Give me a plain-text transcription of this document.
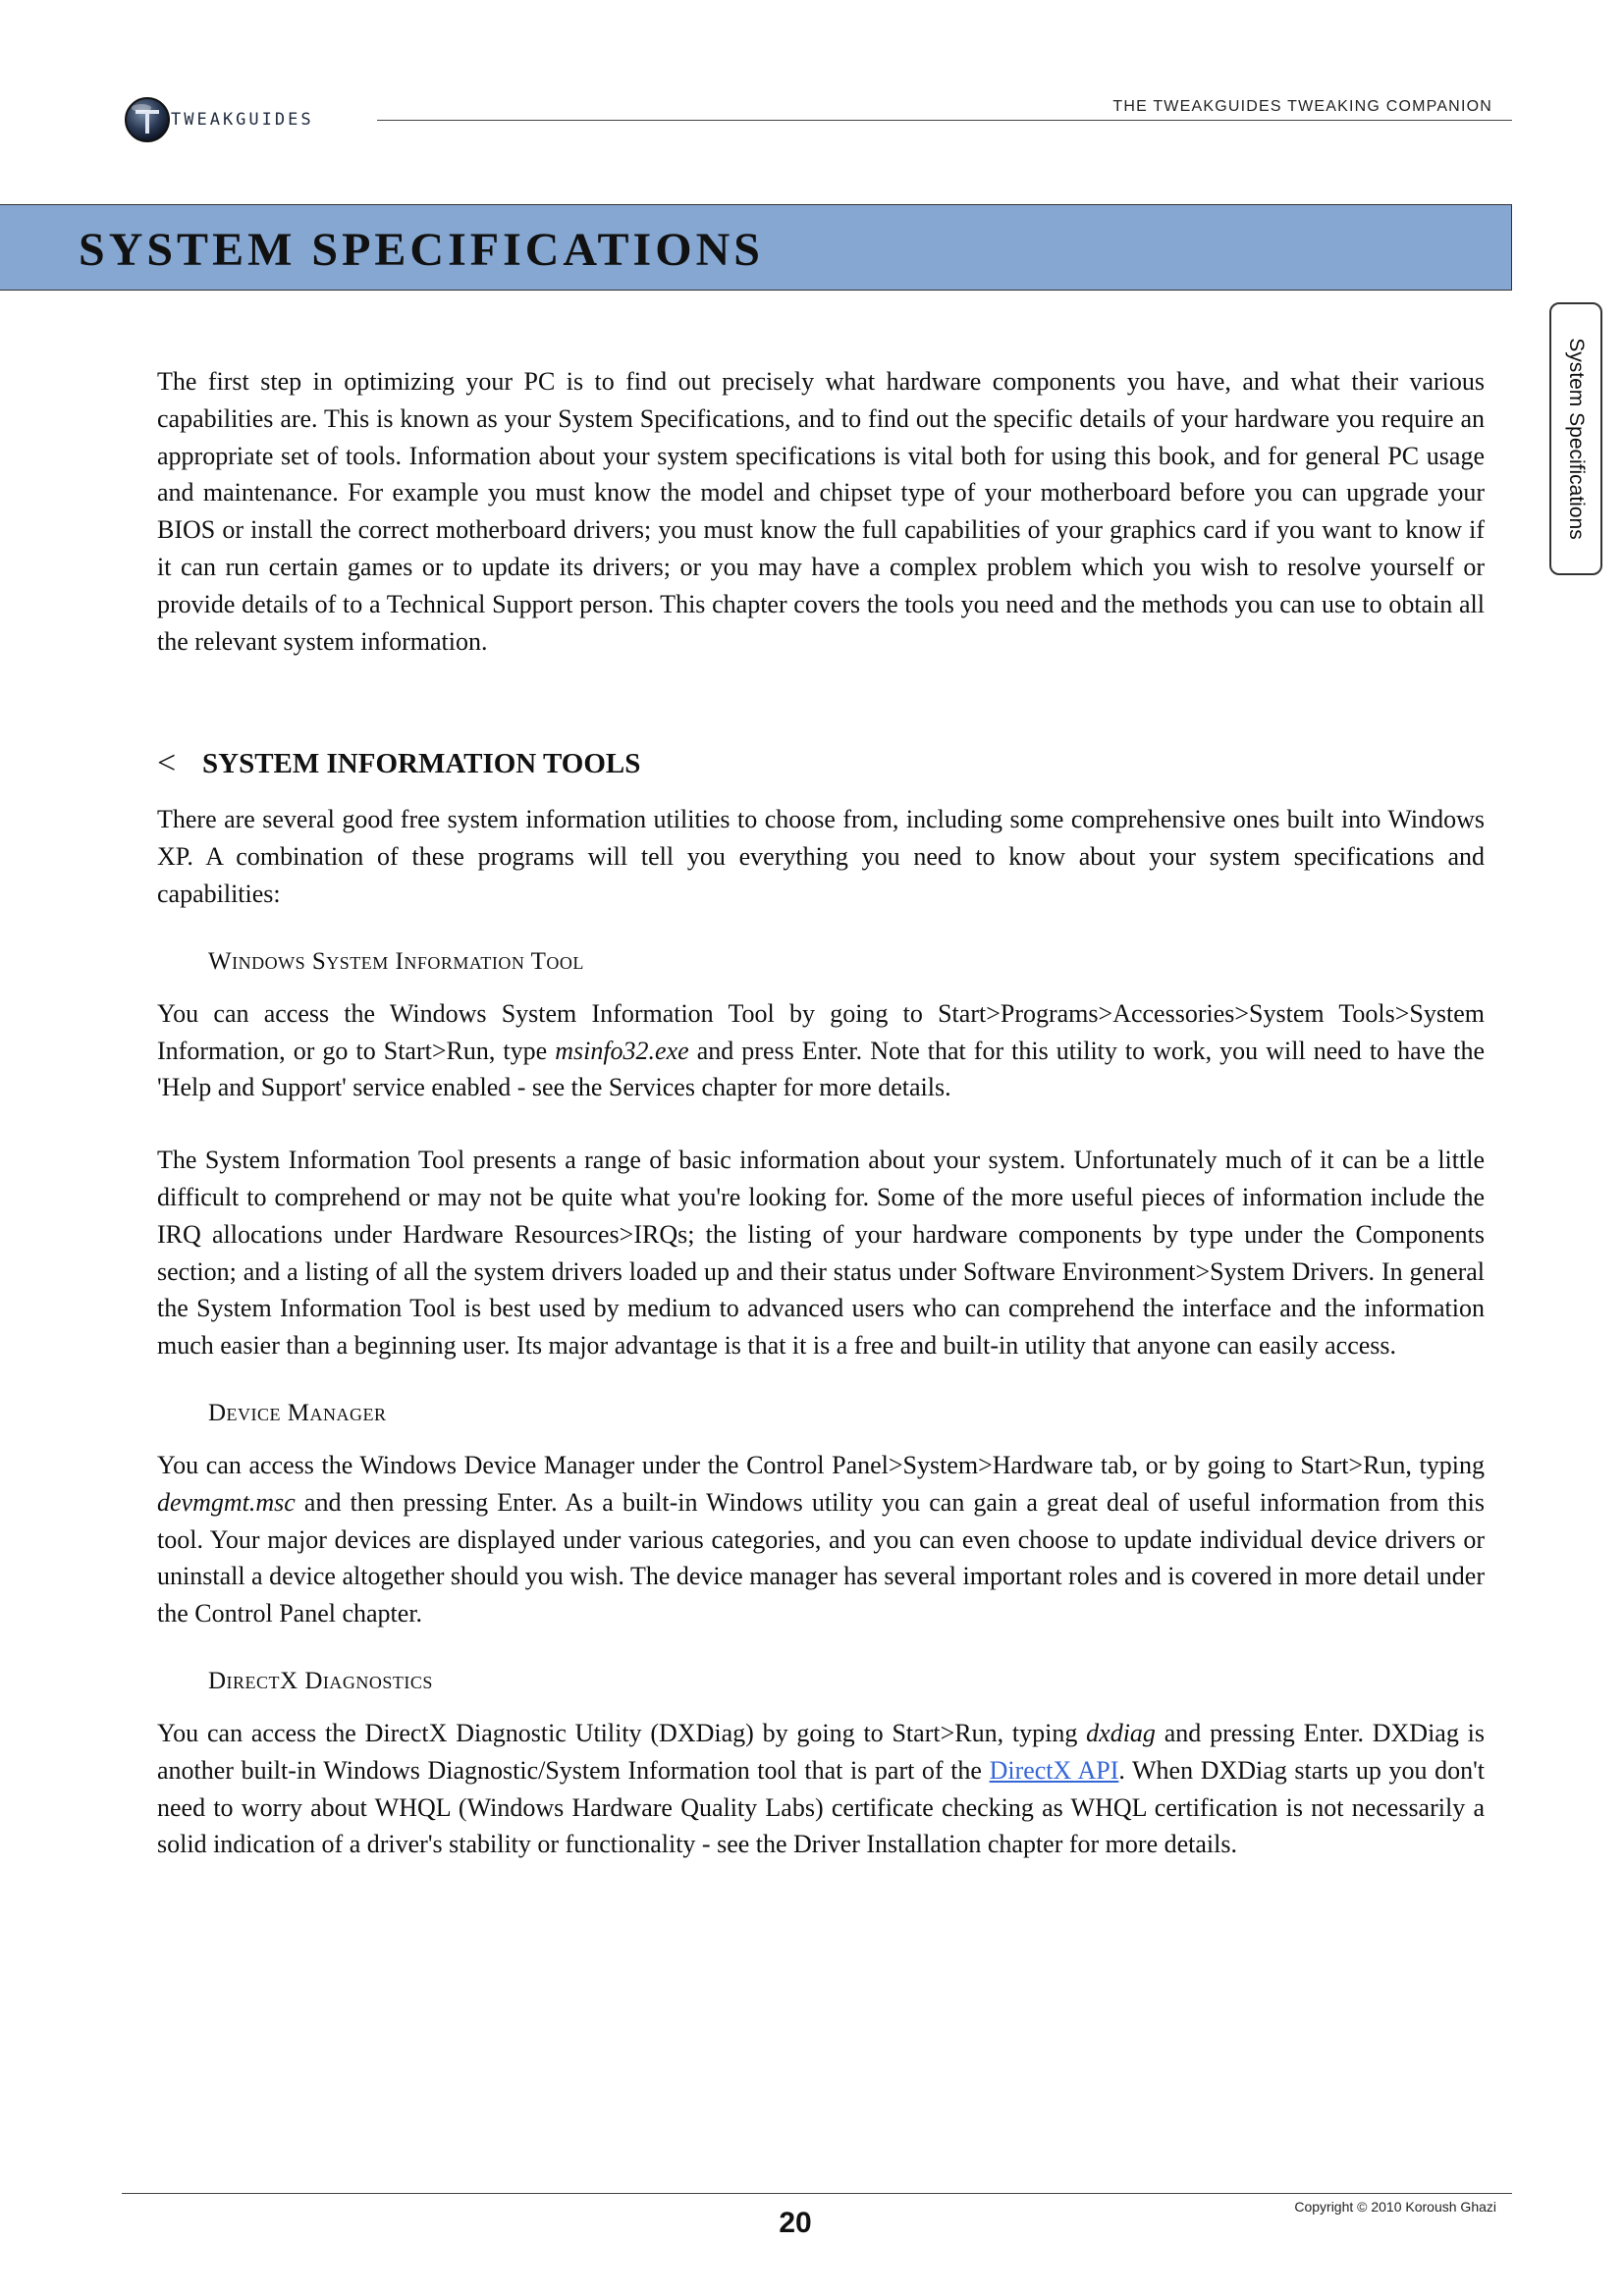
TWEAKGUIDES
THE TWEAKGUIDES TWEAKING COMPANION
SYSTEM SPECIFICATIONS
System Specifications

The first step in optimizing your PC is to find out precisely what hardware components you have, and what their various capabilities are. This is known as your System Specifications, and to find out the specific details of your hardware you require an appropriate set of tools. Information about your system specifications is vital both for using this book, and for general PC usage and maintenance. For example you must know the model and chipset type of your motherboard before you can upgrade your BIOS or install the correct motherboard drivers; you must know the full capabilities of your graphics card if you want to know if it can run certain games or to update its drivers; or you may have a complex problem which you wish to resolve yourself or provide details of to a Technical Support person. This chapter covers the tools you need and the methods you can use to obtain all the relevant system information.

< SYSTEM INFORMATION TOOLS

There are several good free system information utilities to choose from, including some comprehensive ones built into Windows XP. A combination of these programs will tell you everything you need to know about your system specifications and capabilities:

Windows System Information Tool

You can access the Windows System Information Tool by going to Start>Programs>Accessories>System Tools>System Information, or go to Start>Run, type msinfo32.exe and press Enter. Note that for this utility to work, you will need to have the 'Help and Support' service enabled - see the Services chapter for more details.

The System Information Tool presents a range of basic information about your system. Unfortunately much of it can be a little difficult to comprehend or may not be quite what you're looking for. Some of the more useful pieces of information include the IRQ allocations under Hardware Resources>IRQs; the listing of your hardware components by type under the Components section; and a listing of all the system drivers loaded up and their status under Software Environment>System Drivers. In general the System Information Tool is best used by medium to advanced users who can comprehend the interface and the information much easier than a beginning user. Its major advantage is that it is a free and built-in utility that anyone can easily access.

Device Manager

You can access the Windows Device Manager under the Control Panel>System>Hardware tab, or by going to Start>Run, typing devmgmt.msc and then pressing Enter. As a built-in Windows utility you can gain a great deal of useful information from this tool. Your major devices are displayed under various categories, and you can even choose to update individual device drivers or uninstall a device altogether should you wish. The device manager has several important roles and is covered in more detail under the Control Panel chapter.

DirectX Diagnostics

You can access the DirectX Diagnostic Utility (DXDiag) by going to Start>Run, typing dxdiag and pressing Enter. DXDiag is another built-in Windows Diagnostic/System Information tool that is part of the DirectX API. When DXDiag starts up you don't need to worry about WHQL (Windows Hardware Quality Labs) certificate checking as WHQL certification is not necessarily a solid indication of a driver's stability or functionality - see the Driver Installation chapter for more details.

Copyright © 2010 Koroush Ghazi
20
